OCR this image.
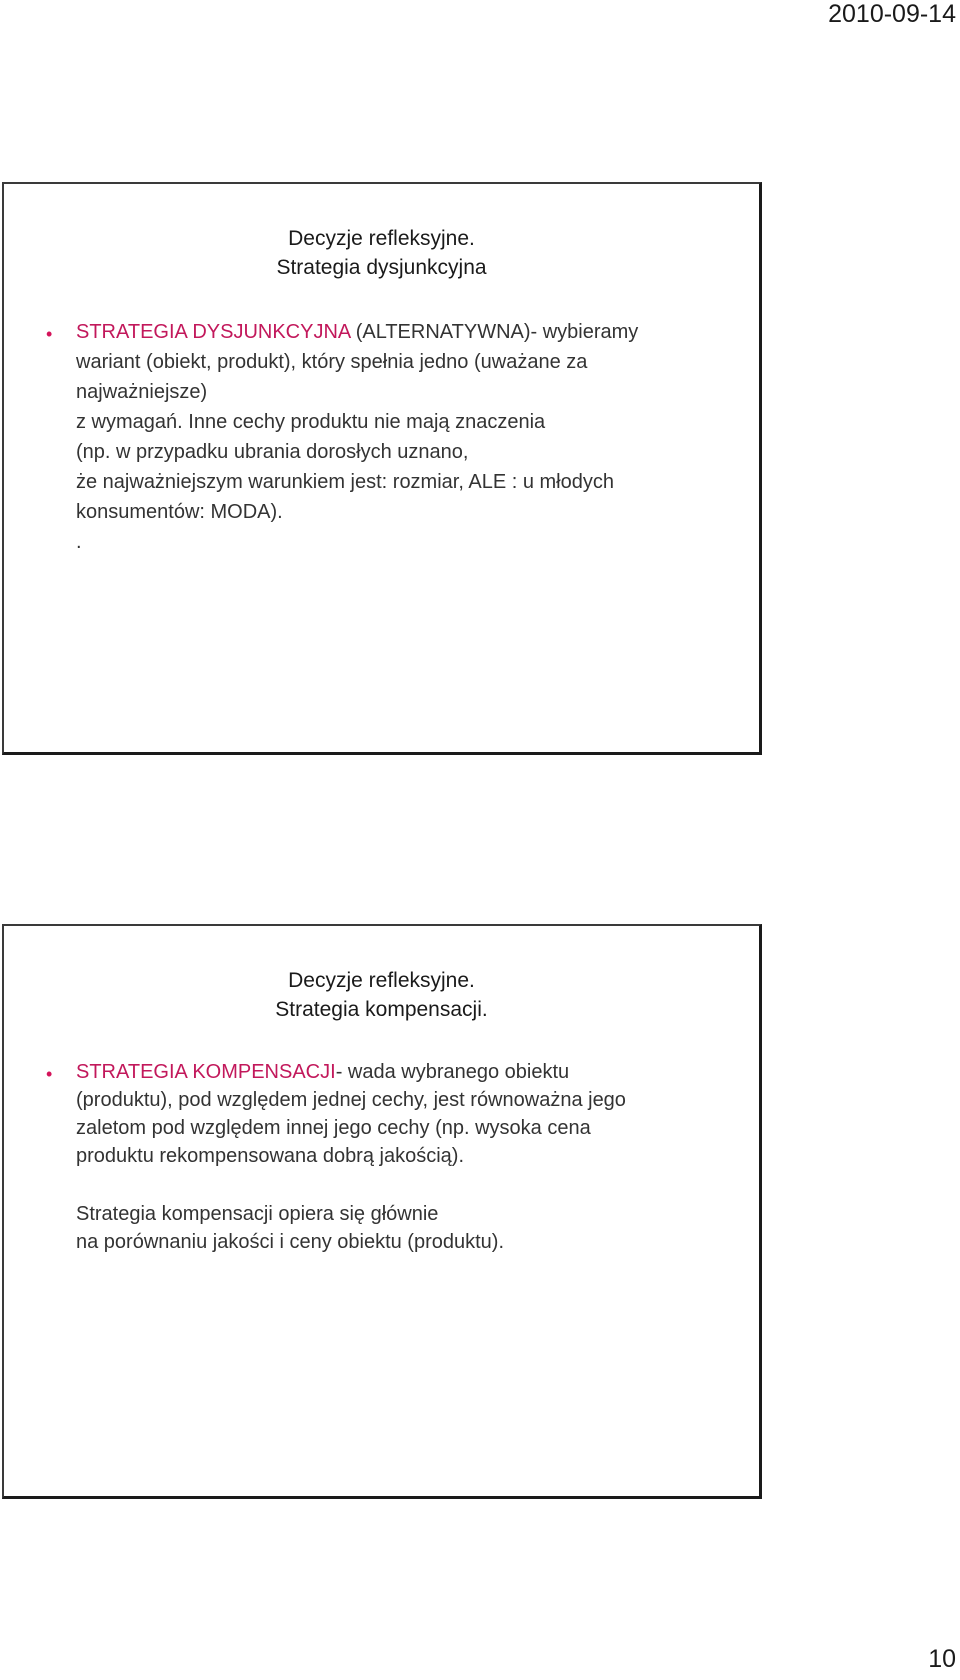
2010-09-14
Decyzje refleksyjne.
Strategia dysjunkcyjna
•	STRATEGIA DYSJUNKCYJNA (ALTERNATYWNA)- wybieramy
wariant (obiekt, produkt), który spełnia jedno (uważane za
najważniejsze)
z wymagań. Inne cechy produktu nie mają znaczenia
(np. w przypadku ubrania dorosłych uznano,
że najważniejszym warunkiem jest: rozmiar, ALE : u młodych
konsumentów: MODA).
.
Decyzje refleksyjne.
Strategia kompensacji.
•	STRATEGIA KOMPENSACJI- wada wybranego obiektu
(produktu), pod względem jednej cechy, jest równoważna jego
zaletom pod względem innej jego cechy (np. wysoka cena
produktu rekompensowana dobrą jakością).
Strategia kompensacji opiera się głównie
na porównaniu jakości i ceny obiektu (produktu).
10
